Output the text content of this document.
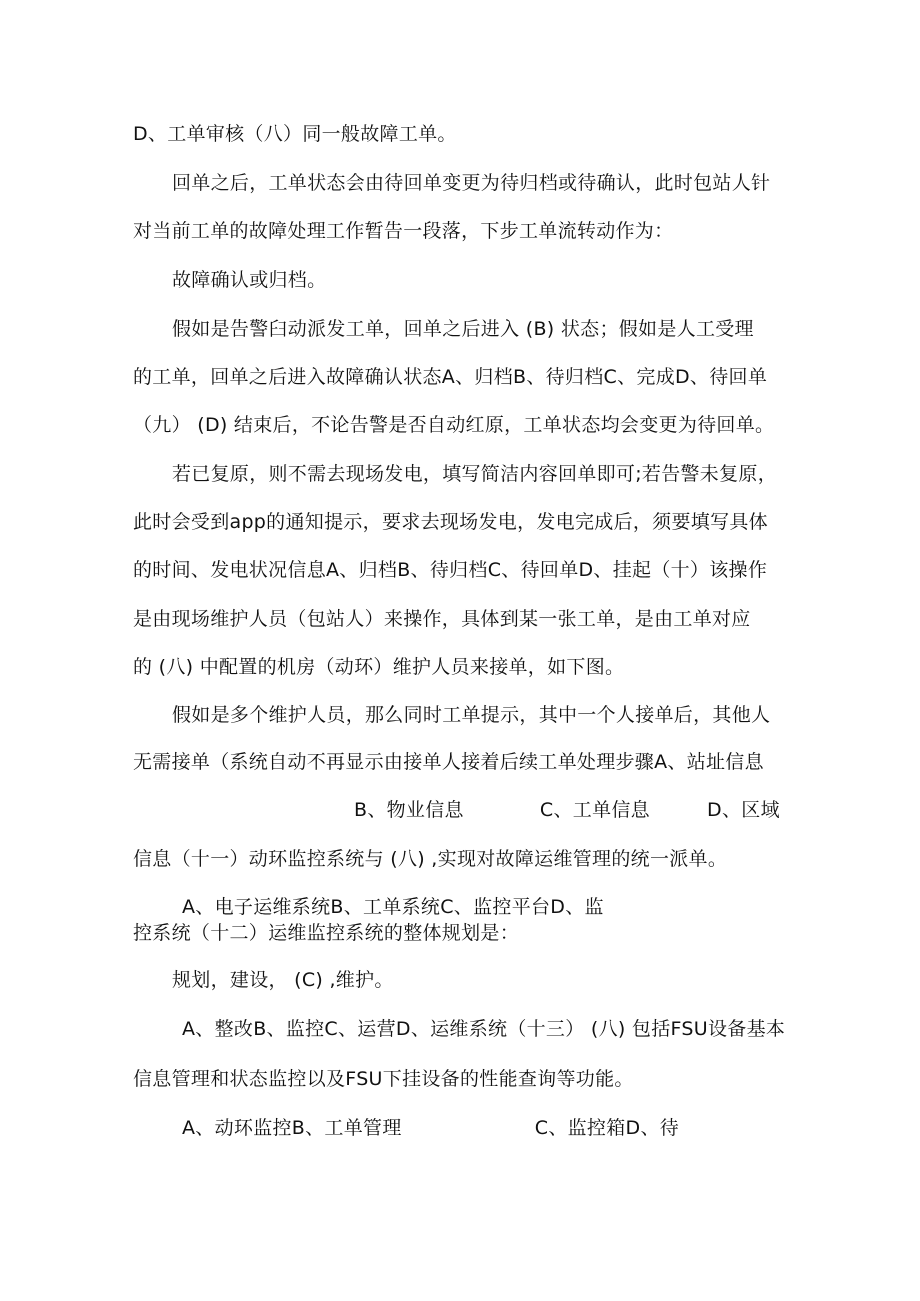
D、工单审核（八）同一般故障工单。
回单之后，工单状态会由待回单变更为待归档或待确认，此时包站人针
对当前工单的故障处理工作暂告一段落，下步工单流转动作为：
故障确认或归档。
假如是告警臼动派发工单，回单之后进入 (B) 状态；假如是人工受理
的工单，回单之后进入故障确认状态A、归档B、待归档C、完成D、待回单
（九） (D) 结束后，不论告警是否自动红原，工单状态均会变更为待回单。
若已复原，则不需去现场发电，填写简洁内容回单即可;若告警未复原，
此时会受到app的通知提示，要求去现场发电，发电完成后，须要填写具体
的时间、发电状况信息A、归档B、待归档C、待回单D、挂起（十）该操作
是由现场维护人员（包站人）来操作，具体到某一张工单，是由工单对应
的 (八) 中配置的机房（动环）维护人员来接单，如下图。
假如是多个维护人员，那么同时工单提示，其中一个人接单后，其他人
无需接单（系统自动不再显示由接单人接着后续工单处理步骤A、站址信息
B、物业信息            C、工单信息         D、区域
信息（十一）动环监控系统与 (八) ,实现对故障运维管理的统一派单。
A、电子运维系统B、工单系统C、监控平台D、监
控系统（十二）运维监控系统的整体规划是：
规划，建设， (C) ,维护。
A、整改B、监控C、运营D、运维系统（十三） (八) 包括FSU设备基本
信息管理和状态监控以及FSU下挂设备的性能查询等功能。
A、动环监控B、工单管理                     C、监控箱D、待
